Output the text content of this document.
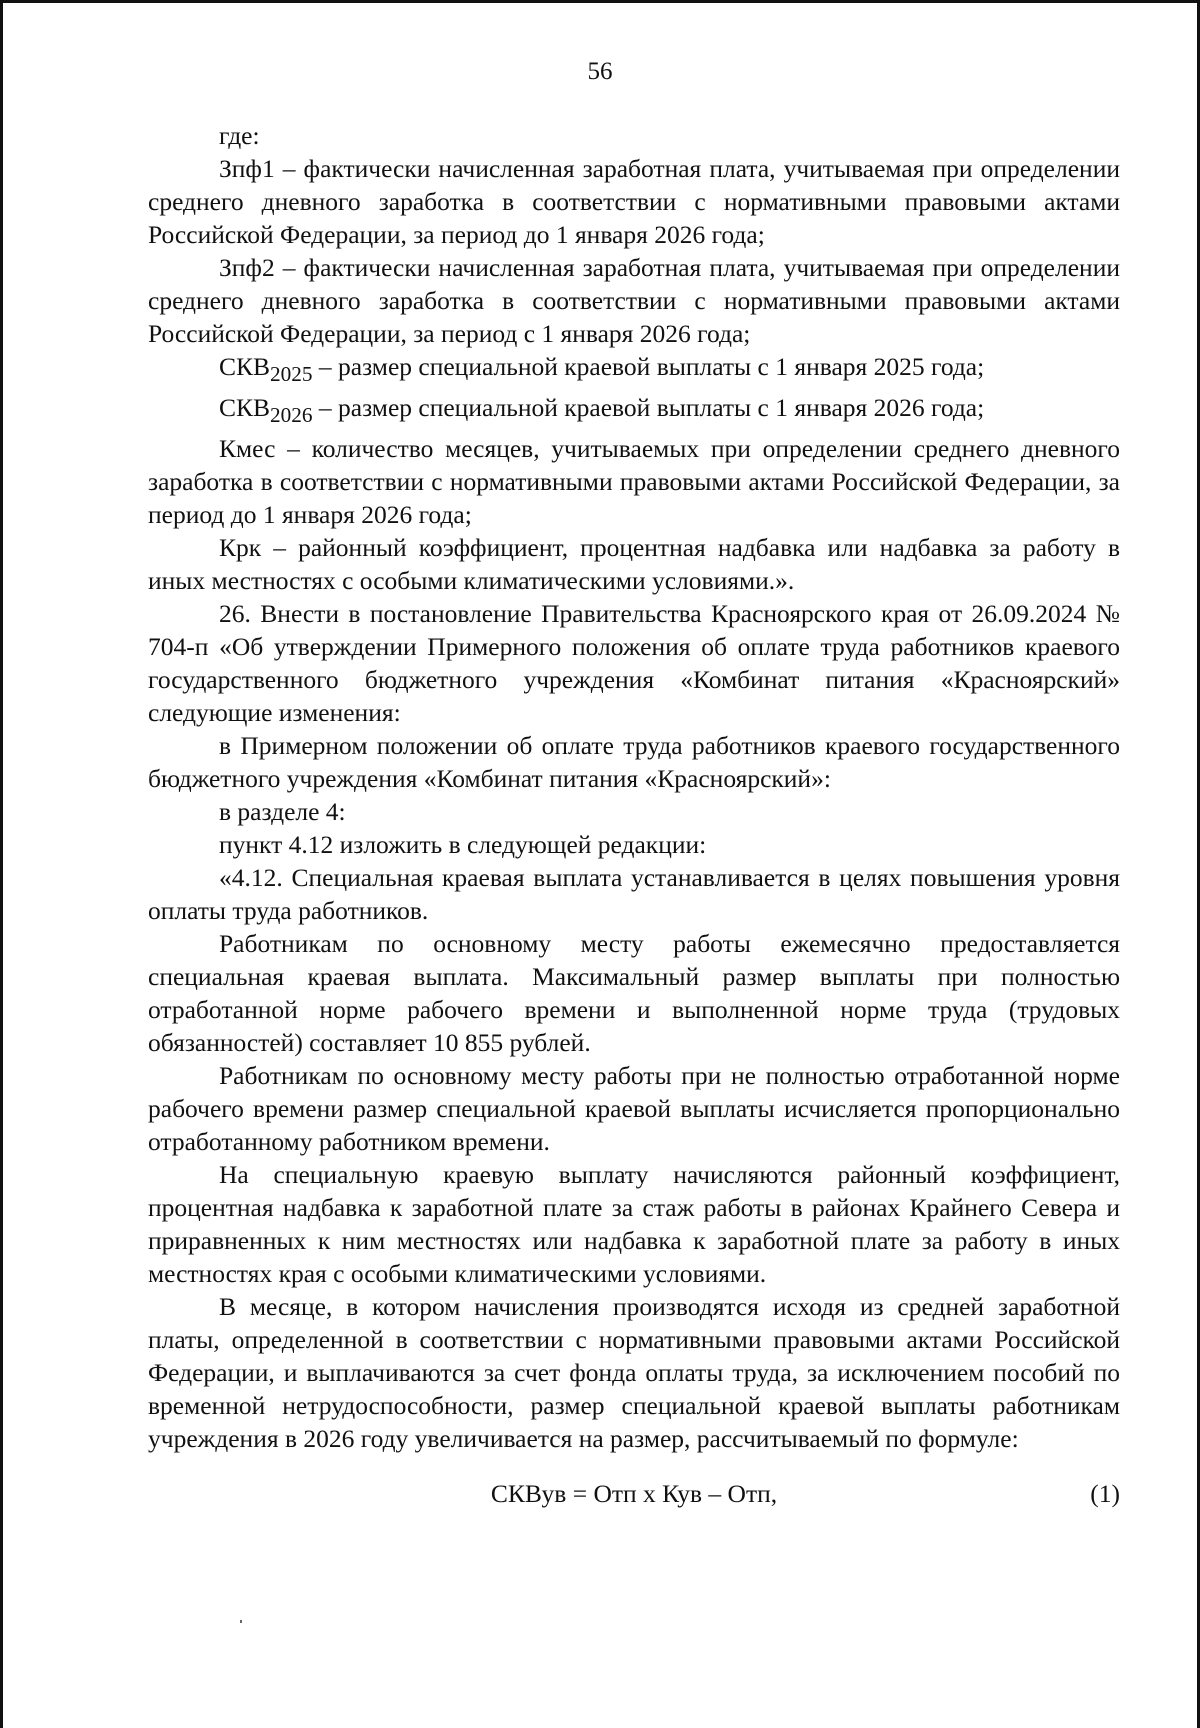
56

где:

Зпф1 – фактически начисленная заработная плата, учитываемая при определении среднего дневного заработка в соответствии с нормативными правовыми актами Российской Федерации, за период до 1 января 2026 года;

Зпф2 – фактически начисленная заработная плата, учитываемая при определении среднего дневного заработка в соответствии с нормативными правовыми актами Российской Федерации, за период с 1 января 2026 года;

$СКВ_{2025}$ – размер специальной краевой выплаты с 1 января 2025 года;

$СКВ_{2026}$ – размер специальной краевой выплаты с 1 января 2026 года;

Кмес – количество месяцев, учитываемых при определении среднего дневного заработка в соответствии с нормативными правовыми актами Российской Федерации, за период до 1 января 2026 года;

Крк – районный коэффициент, процентная надбавка или надбавка за работу в иных местностях с особыми климатическими условиями.».

26. Внести в постановление Правительства Красноярского края от 26.09.2024 № 704-п «Об утверждении Примерного положения об оплате труда работников краевого государственного бюджетного учреждения «Комбинат питания «Красноярский» следующие изменения:

в Примерном положении об оплате труда работников краевого государственного бюджетного учреждения «Комбинат питания «Красноярский»:

в разделе 4:

пункт 4.12 изложить в следующей редакции:

«4.12. Специальная краевая выплата устанавливается в целях повышения уровня оплаты труда работников.

Работникам по основному месту работы ежемесячно предоставляется специальная краевая выплата. Максимальный размер выплаты при полностью отработанной норме рабочего времени и выполненной норме труда (трудовых обязанностей) составляет 10 855 рублей.

Работникам по основному месту работы при не полностью отработанной норме рабочего времени размер специальной краевой выплаты исчисляется пропорционально отработанному работником времени.

На специальную краевую выплату начисляются районный коэффициент, процентная надбавка к заработной плате за стаж работы в районах Крайнего Севера и приравненных к ним местностях или надбавка к заработной плате за работу в иных местностях края с особыми климатическими условиями.

В месяце, в котором начисления производятся исходя из средней заработной платы, определенной в соответствии с нормативными правовыми актами Российской Федерации, и выплачиваются за счет фонда оплаты труда, за исключением пособий по временной нетрудоспособности, размер специальной краевой выплаты работникам учреждения в 2026 году увеличивается на размер, рассчитываемый по формуле:

СКВув = Отп х Кув – Отп,	(1)
